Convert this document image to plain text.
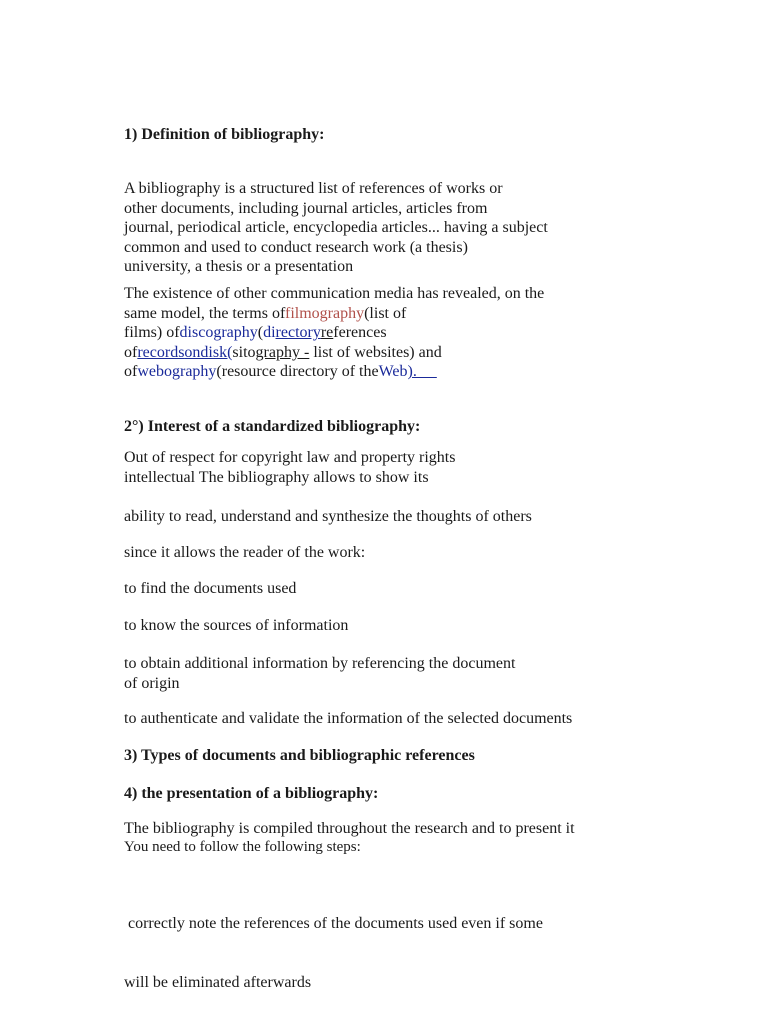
1) Definition of bibliography:

A bibliography is a structured list of references of works or
other documents, including journal articles, articles from
journal, periodical article, encyclopedia articles... having a subject
common and used to conduct research work (a thesis)
university, a thesis or a presentation

The existence of other communication media has revealed, on the
same model, the terms offilmography(list of
films) ofdiscography(directoryreferences
ofrecordsondisk(sitography - list of websites) and
ofwebography(resource directory of theWeb).

2°) Interest of a standardized bibliography:

Out of respect for copyright law and property rights
intellectual The bibliography allows to show its

ability to read, understand and synthesize the thoughts of others

since it allows the reader of the work:

to find the documents used

to know the sources of information

to obtain additional information by referencing the document
of origin

to authenticate and validate the information of the selected documents

3) Types of documents and bibliographic references

4) the presentation of a bibliography:

The bibliography is compiled throughout the research and to present it
You need to follow the following steps:

correctly note the references of the documents used even if some

will be eliminated afterwards
